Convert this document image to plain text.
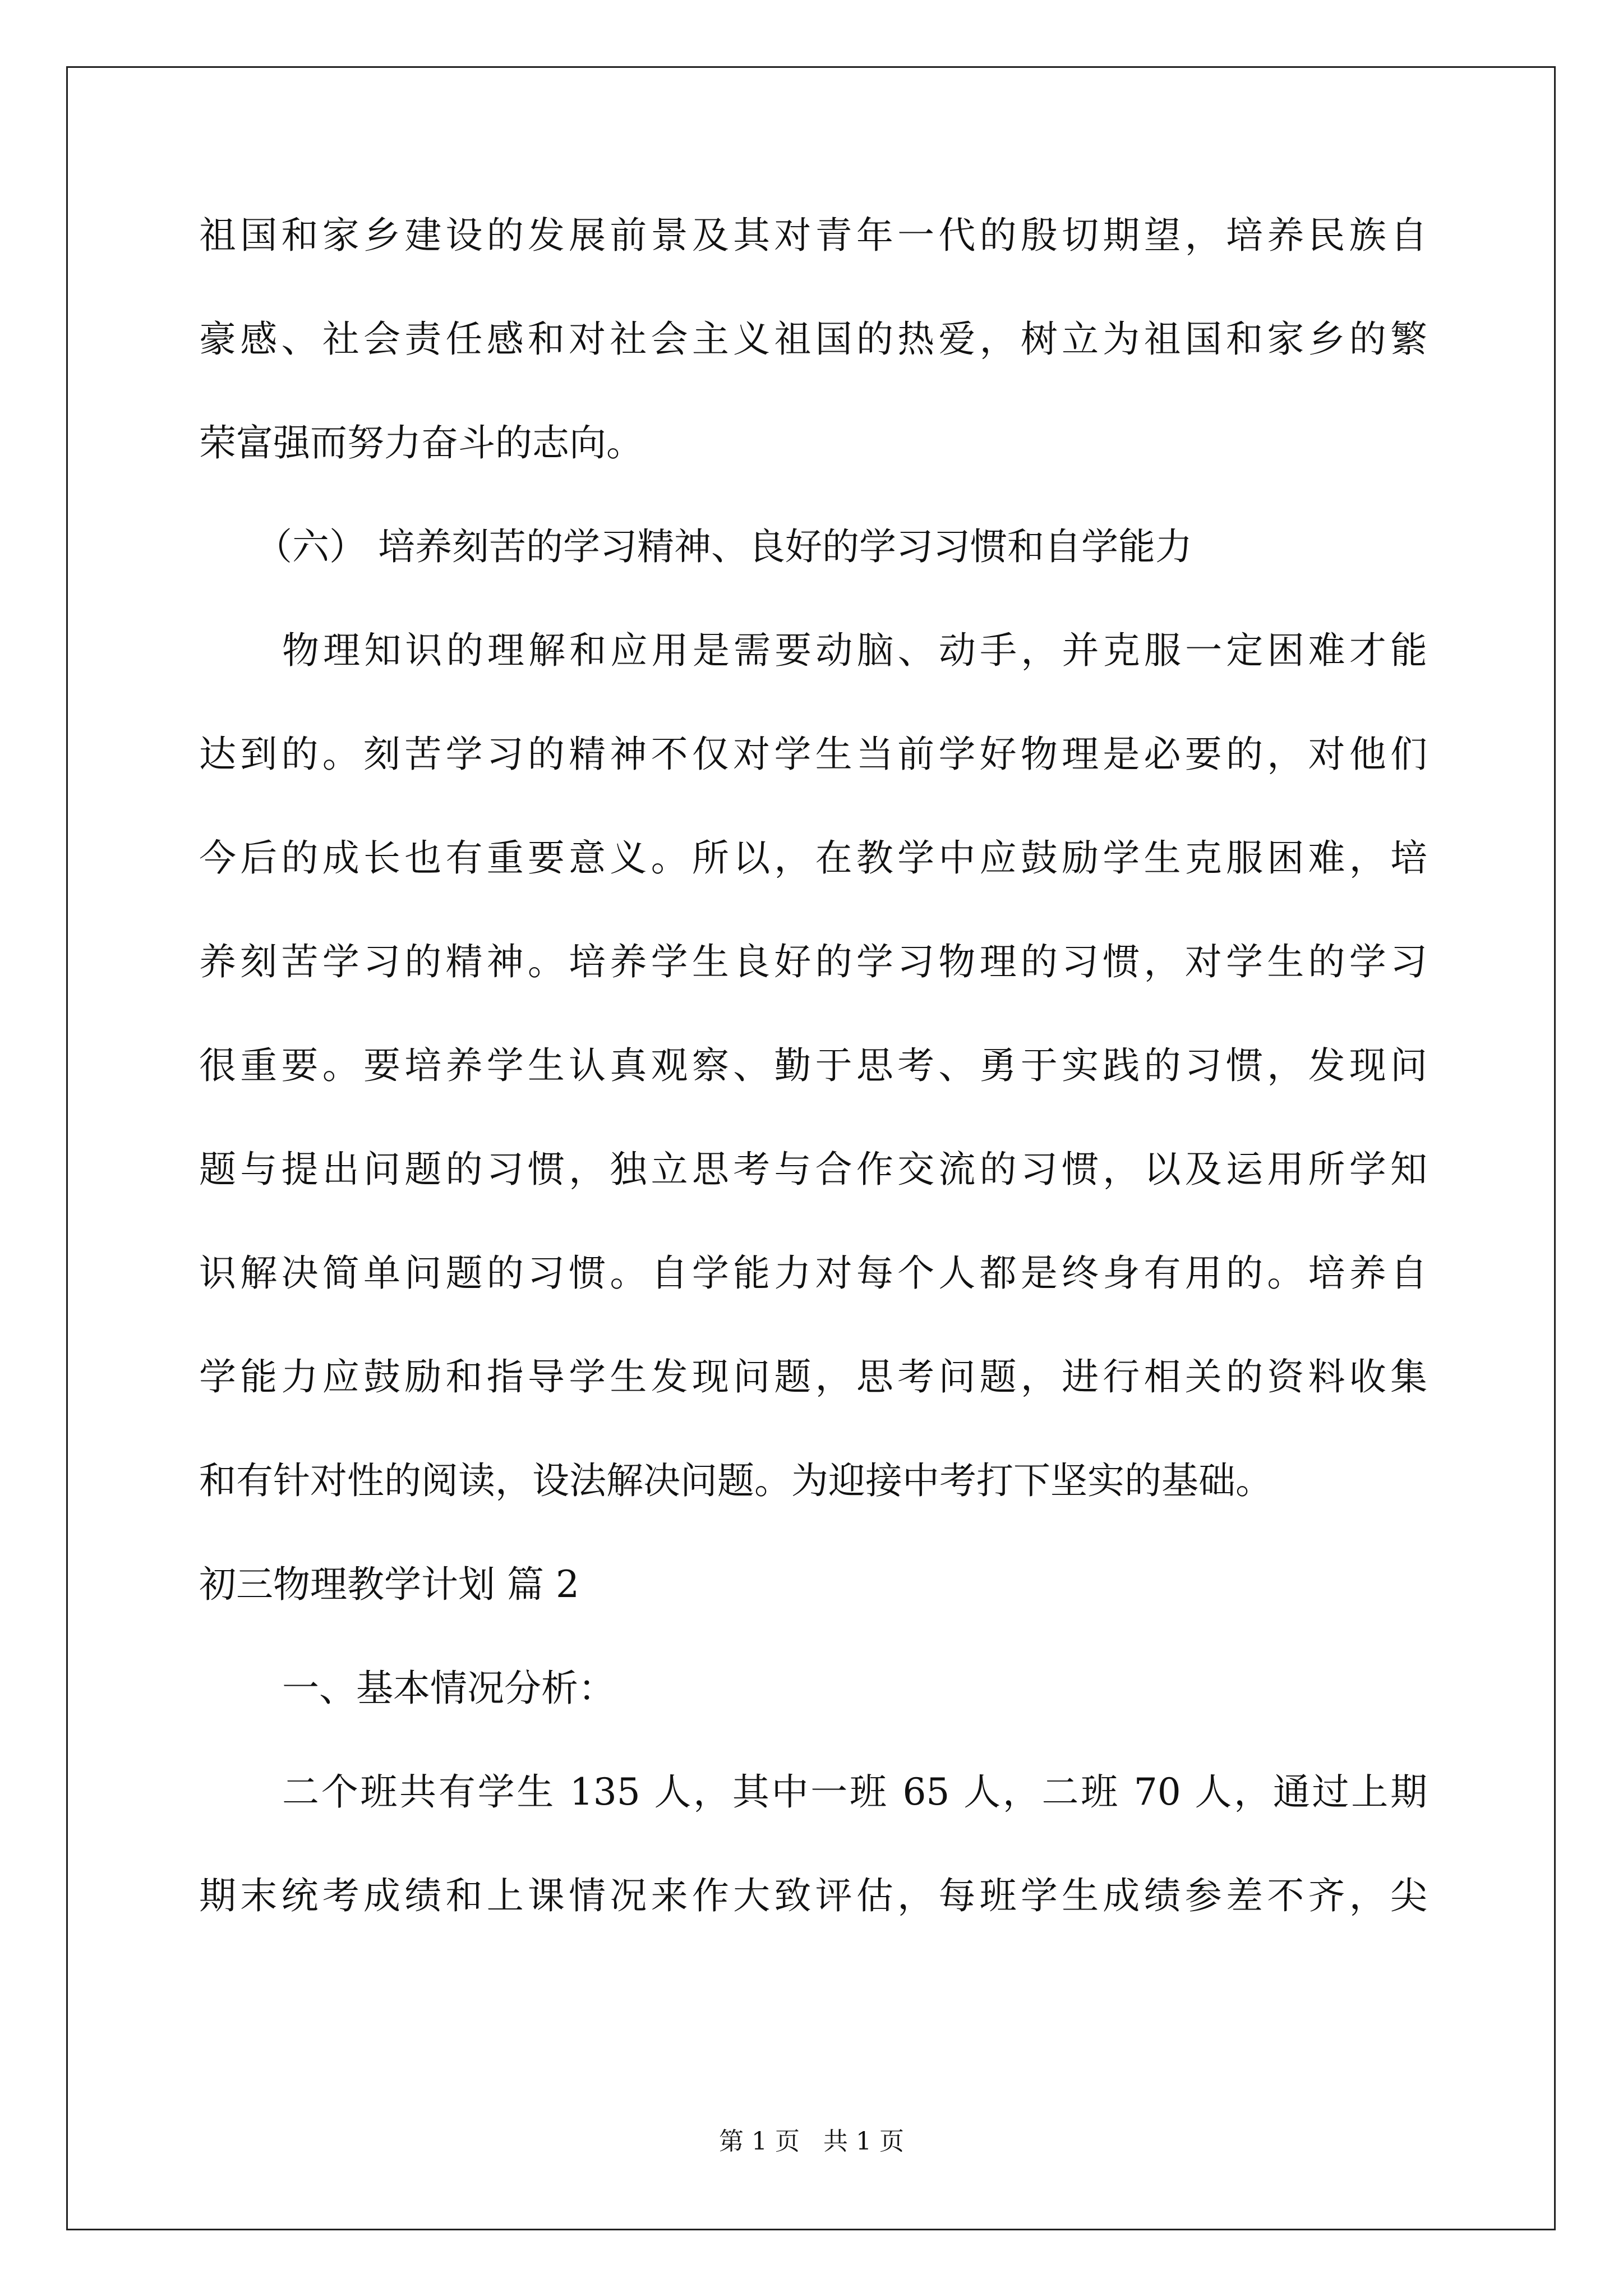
祖国和家乡建设的发展前景及其对青年一代的殷切期望，培养民族自
豪感、社会责任感和对社会主义祖国的热爱，树立为祖国和家乡的繁
荣富强而努力奋斗的志向。
（六） 培养刻苦的学习精神、良好的学习习惯和自学能力
物理知识的理解和应用是需要动脑、动手，并克服一定困难才能
达到的。刻苦学习的精神不仅对学生当前学好物理是必要的，对他们
今后的成长也有重要意义。所以，在教学中应鼓励学生克服困难，培
养刻苦学习的精神。培养学生良好的学习物理的习惯，对学生的学习
很重要。要培养学生认真观察、勤于思考、勇于实践的习惯，发现问
题与提出问题的习惯，独立思考与合作交流的习惯，以及运用所学知
识解决简单问题的习惯。自学能力对每个人都是终身有用的。培养自
学能力应鼓励和指导学生发现问题，思考问题，进行相关的资料收集
和有针对性的阅读，设法解决问题。为迎接中考打下坚实的基础。
初三物理教学计划 篇 2
一、基本情况分析：
二个班共有学生 135 人，其中一班 65 人，二班 70 人，通过上期
期末统考成绩和上课情况来作大致评估，每班学生成绩参差不齐，尖
第 1 页   共 1 页
